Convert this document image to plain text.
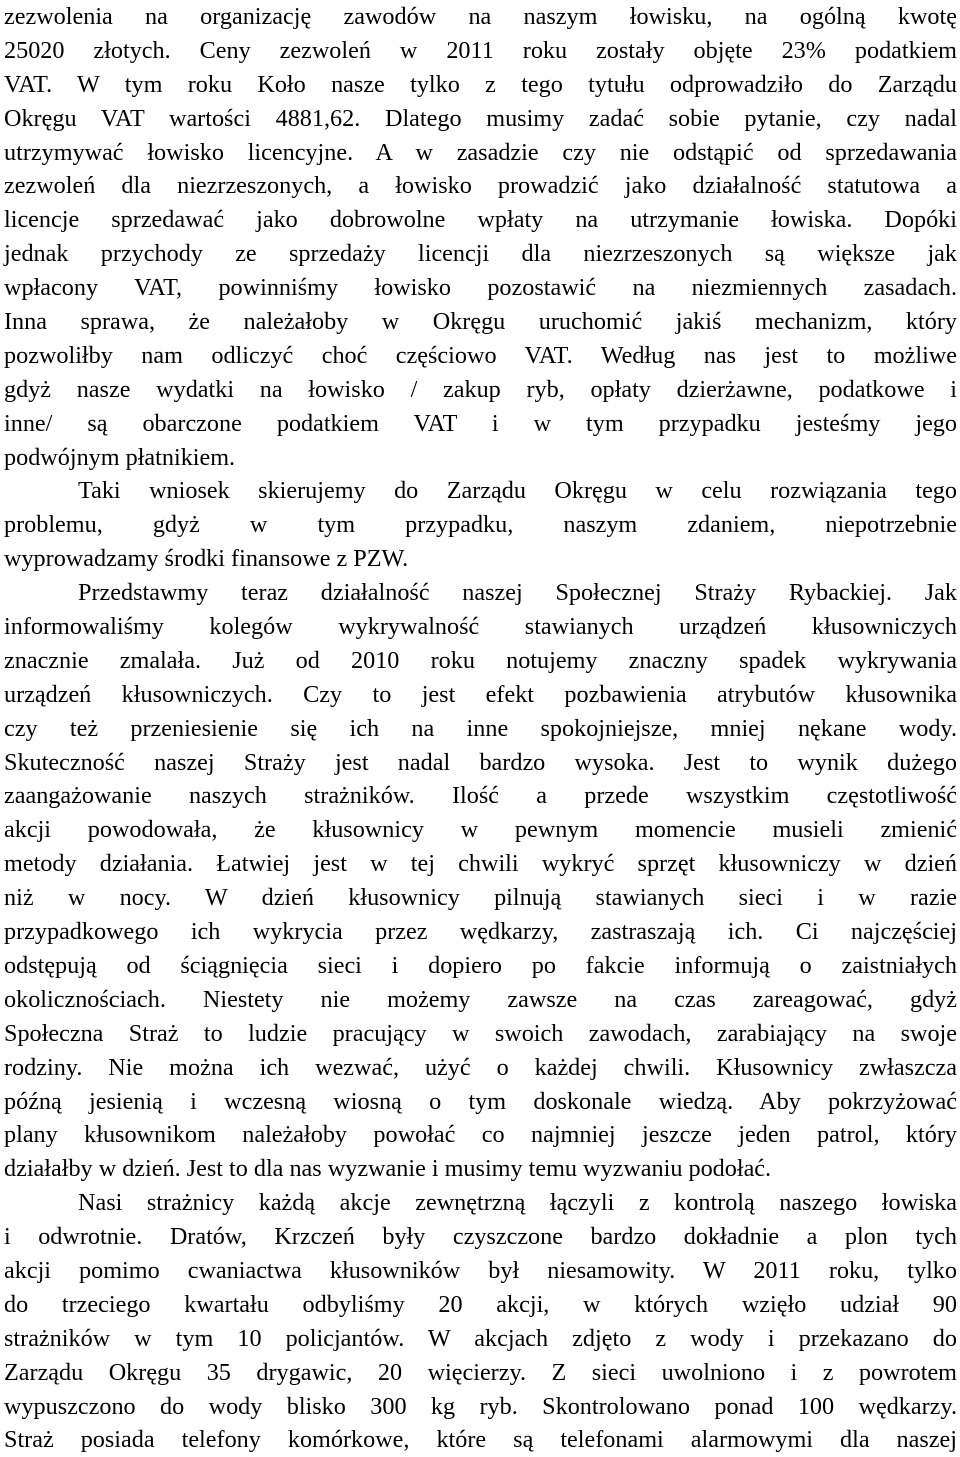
zezwolenia na organizację zawodów na naszym łowisku, na ogólną kwotę
25020 złotych. Ceny zezwoleń w 2011 roku zostały objęte 23% podatkiem
VAT. W tym roku Koło nasze tylko z tego tytułu odprowadziło do Zarządu
Okręgu VAT wartości 4881,62. Dlatego musimy zadać sobie pytanie, czy nadal
utrzymywać łowisko licencyjne. A w zasadzie czy nie odstąpić od sprzedawania
zezwoleń dla niezrzeszonych, a łowisko prowadzić jako działalność statutowa a
licencje sprzedawać jako dobrowolne wpłaty na utrzymanie łowiska. Dopóki
jednak przychody ze sprzedaży licencji dla niezrzeszonych są większe jak
wpłacony VAT, powinniśmy łowisko pozostawić na niezmiennych zasadach.
Inna sprawa, że należałoby w Okręgu uruchomić jakiś mechanizm, który
pozwoliłby nam odliczyć choć częściowo VAT. Według nas jest to możliwe
gdyż nasze wydatki na łowisko / zakup ryb, opłaty dzierżawne, podatkowe i
inne/ są obarczone podatkiem VAT i w tym przypadku jesteśmy jego
podwójnym płatnikiem.
Taki wniosek skierujemy do Zarządu Okręgu w celu rozwiązania tego
problemu, gdyż w tym przypadku, naszym zdaniem, niepotrzebnie
wyprowadzamy środki finansowe z PZW.
Przedstawmy teraz działalność naszej Społecznej Straży Rybackiej. Jak
informowaliśmy kolegów wykrywalność stawianych urządzeń kłusowniczych
znacznie zmalała. Już od 2010 roku notujemy znaczny spadek wykrywania
urządzeń kłusowniczych. Czy to jest efekt pozbawienia atrybutów kłusownika
czy też przeniesienie się ich na inne spokojniejsze, mniej nękane wody.
Skuteczność naszej Straży jest nadal bardzo wysoka. Jest to wynik dużego
zaangażowanie naszych strażników. Ilość a przede wszystkim częstotliwość
akcji powodowała, że kłusownicy w pewnym momencie musieli zmienić
metody działania. Łatwiej jest w tej chwili wykryć sprzęt kłusowniczy w dzień
niż w nocy. W dzień kłusownicy pilnują stawianych sieci i w razie
przypadkowego ich wykrycia przez wędkarzy, zastraszają ich. Ci najczęściej
odstępują od ściągnięcia sieci i dopiero po fakcie informują o zaistniałych
okolicznościach. Niestety nie możemy zawsze na czas zareagować, gdyż
Społeczna Straż to ludzie pracujący w swoich zawodach, zarabiający na swoje
rodziny. Nie można ich wezwać, użyć o każdej chwili. Kłusownicy zwłaszcza
późną jesienią i wczesną wiosną o tym doskonale wiedzą. Aby pokrzyżować
plany kłusownikom należałoby powołać co najmniej jeszcze jeden patrol, który
działałby w dzień. Jest to dla nas wyzwanie i musimy temu wyzwaniu podołać.
Nasi strażnicy każdą akcje zewnętrzną łączyli z kontrolą naszego łowiska
i odwrotnie. Dratów, Krzczeń były czyszczone bardzo dokładnie a plon tych
akcji pomimo cwaniactwa kłusowników był niesamowity. W 2011 roku, tylko
do trzeciego kwartału odbyliśmy 20 akcji, w których wzięło udział 90
strażników w tym 10 policjantów. W akcjach zdjęto z wody i przekazano do
Zarządu Okręgu 35 drygawic, 20 więcierzy. Z sieci uwolniono i z powrotem
wypuszczono do wody blisko 300 kg ryb. Skontrolowano ponad 100 wędkarzy.
Straż posiada telefony komórkowe, które są telefonami alarmowymi dla naszej
